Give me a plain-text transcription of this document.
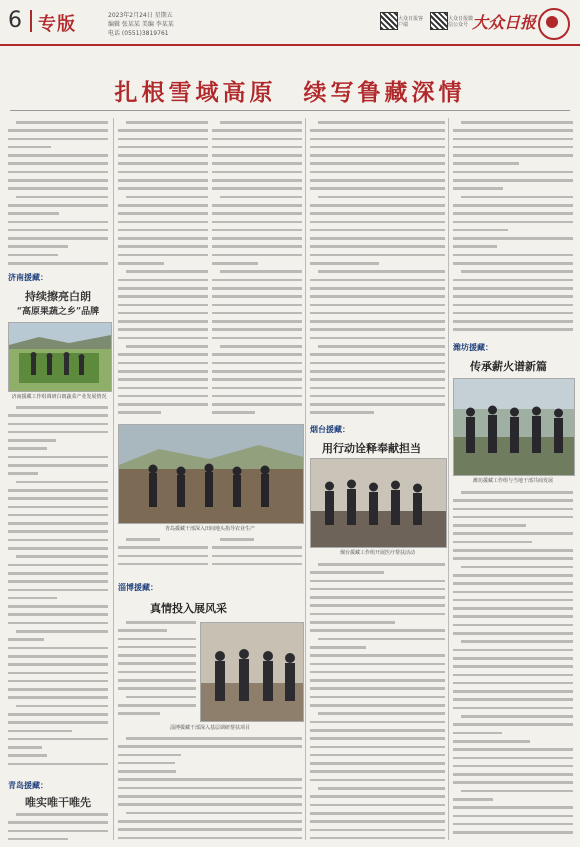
6 专版	2023年2月24日 星期五
编辑 张某某 美编 李某某
电话 (0551)3819761
大众日报客户端
大众日报微信公众号 大众日报
扎根雪域高原　续写鲁藏深情
济南援藏：
持续擦亮白朗
“高原果蔬之乡”品牌
济南援藏工作组调研白朗蔬菜产业发展情况
青岛援藏：
唯实唯干唯先
青岛援藏干部深入田间地头指导农业生产
淄博援藏：
真情投入展风采
淄博援藏干部深入基层调研帮扶项目
烟台援藏：
用行动诠释奉献担当
烟台援藏工作组开展医疗帮扶活动
潍坊援藏：
传承薪火谱新篇
潍坊援藏工作组与当地干部共商发展
